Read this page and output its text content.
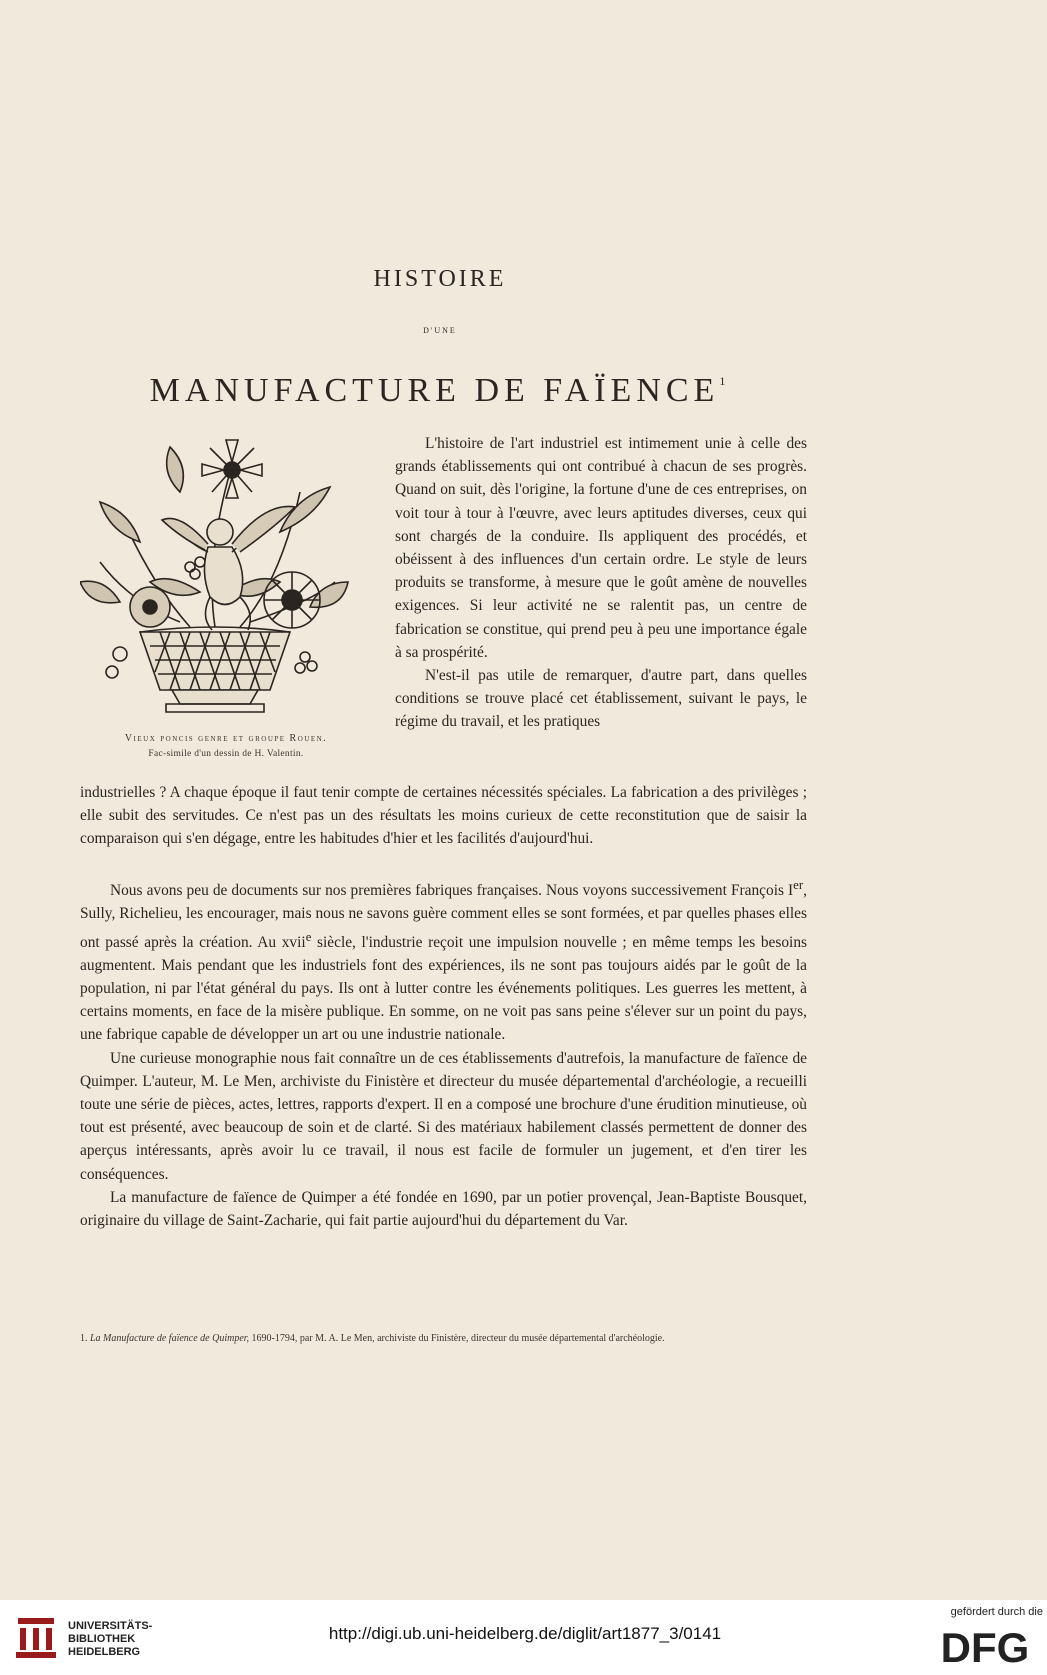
HISTOIRE
D'UNE
MANUFACTURE DE FAÏENCE$^1$
Vieux poncis genre et groupe Rouen.
Fac-simile d'un dessin de H. Valentin.

L'histoire de l'art industriel est intimement unie à celle des grands établissements qui ont contribué à chacun de ses progrès. Quand on suit, dès l'origine, la fortune d'une de ces entreprises, on voit tour à tour à l'œuvre, avec leurs aptitudes diverses, ceux qui sont chargés de la conduire. Ils appliquent des procédés, et obéissent à des influences d'un certain ordre. Le style de leurs produits se transforme, à mesure que le goût amène de nouvelles exigences. Si leur activité ne se ralentit pas, un centre de fabrication se constitue, qui prend peu à peu une importance égale à sa prospérité.

N'est-il pas utile de remarquer, d'autre part, dans quelles conditions se trouve placé cet établissement, suivant le pays, le régime du travail, et les pratiques

industrielles ? A chaque époque il faut tenir compte de certaines nécessités spéciales. La fabrication a des privilèges ; elle subit des servitudes. Ce n'est pas un des résultats les moins curieux de cette reconstitution que de saisir la comparaison qui s'en dégage, entre les habitudes d'hier et les facilités d'aujourd'hui.

Nous avons peu de documents sur nos premières fabriques françaises. Nous voyons successivement François Ier, Sully, Richelieu, les encourager, mais nous ne savons guère comment elles se sont formées, et par quelles phases elles ont passé après la création. Au xvii$^e$ siècle, l'industrie reçoit une impulsion nouvelle ; en même temps les besoins augmentent. Mais pendant que les industriels font des expériences, ils ne sont pas toujours aidés par le goût de la population, ni par l'état général du pays. Ils ont à lutter contre les événements politiques. Les guerres les mettent, à certains moments, en face de la misère publique. En somme, on ne voit pas sans peine s'élever sur un point du pays, une fabrique capable de développer un art ou une industrie nationale.

Une curieuse monographie nous fait connaître un de ces établissements d'autrefois, la manufacture de faïence de Quimper. L'auteur, M. Le Men, archiviste du Finistère et directeur du musée départemental d'archéologie, a recueilli toute une série de pièces, actes, lettres, rapports d'expert. Il en a composé une brochure d'une érudition minutieuse, où tout est présenté, avec beaucoup de soin et de clarté. Si des matériaux habilement classés permettent de donner des aperçus intéressants, après avoir lu ce travail, il nous est facile de formuler un jugement, et d'en tirer les conséquences.

La manufacture de faïence de Quimper a été fondée en 1690, par un potier provençal, Jean-Baptiste Bousquet, originaire du village de Saint-Zacharie, qui fait partie aujourd'hui du département du Var.

1. La Manufacture de faïence de Quimper, 1690-1794, par M. A. Le Men, archiviste du Finistère, directeur du musée départemental d'archéologie.
UNIVERSITÄTS-
BIBLIOTHEK
HEIDELBERG
http://digi.ub.uni-heidelberg.de/diglit/art1877_3/0141
gefördert durch die
DFG
